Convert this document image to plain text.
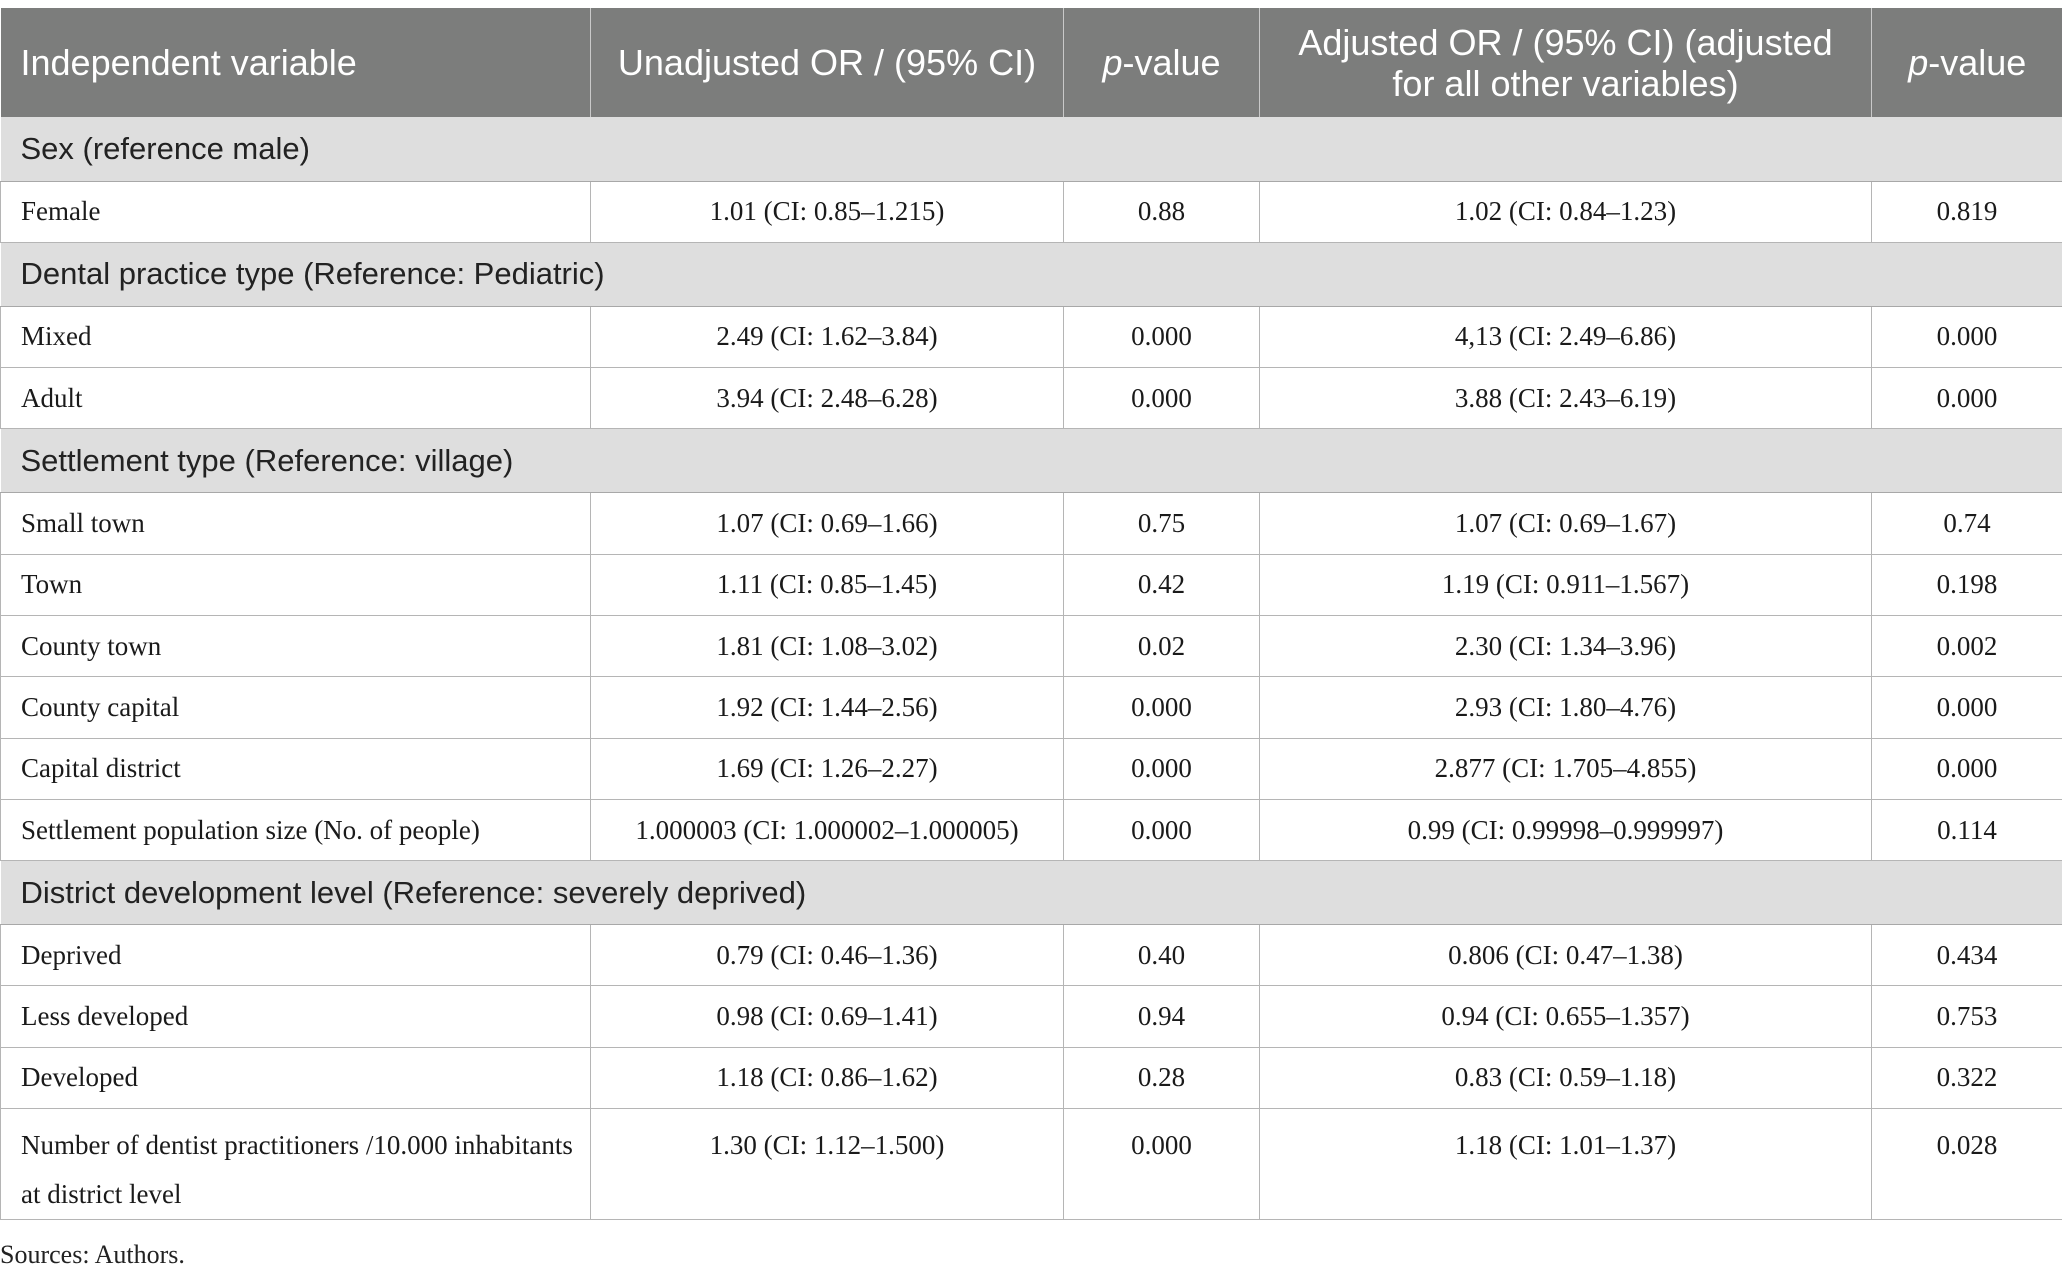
Independent variable	Unadjusted OR / (95% CI)	p-value	Adjusted OR / (95% CI) (adjusted for all other variables)	p-value
Sex (reference male)				
Female	1.01 (CI: 0.85–1.215)	0.88	1.02 (CI: 0.84–1.23)	0.819
Dental practice type (Reference: Pediatric)				
Mixed	2.49 (CI: 1.62–3.84)	0.000	4,13 (CI: 2.49–6.86)	0.000
Adult	3.94 (CI: 2.48–6.28)	0.000	3.88 (CI: 2.43–6.19)	0.000
Settlement type (Reference: village)				
Small town	1.07 (CI: 0.69–1.66)	0.75	1.07 (CI: 0.69–1.67)	0.74
Town	1.11 (CI: 0.85–1.45)	0.42	1.19 (CI: 0.911–1.567)	0.198
County town	1.81 (CI: 1.08–3.02)	0.02	2.30 (CI: 1.34–3.96)	0.002
County capital	1.92 (CI: 1.44–2.56)	0.000	2.93 (CI: 1.80–4.76)	0.000
Capital district	1.69 (CI: 1.26–2.27)	0.000	2.877 (CI: 1.705–4.855)	0.000
Settlement population size (No. of people)	1.000003 (CI: 1.000002–1.000005)	0.000	0.99 (CI: 0.99998–0.999997)	0.114
District development level (Reference: severely deprived)				
Deprived	0.79 (CI: 0.46–1.36)	0.40	0.806 (CI: 0.47–1.38)	0.434
Less developed	0.98 (CI: 0.69–1.41)	0.94	0.94 (CI: 0.655–1.357)	0.753
Developed	1.18 (CI: 0.86–1.62)	0.28	0.83 (CI: 0.59–1.18)	0.322
Number of dentist practitioners /10.000 inhabitants at district level	1.30 (CI: 1.12–1.500)	0.000	1.18 (CI: 1.01–1.37)	0.028
Sources: Authors.
